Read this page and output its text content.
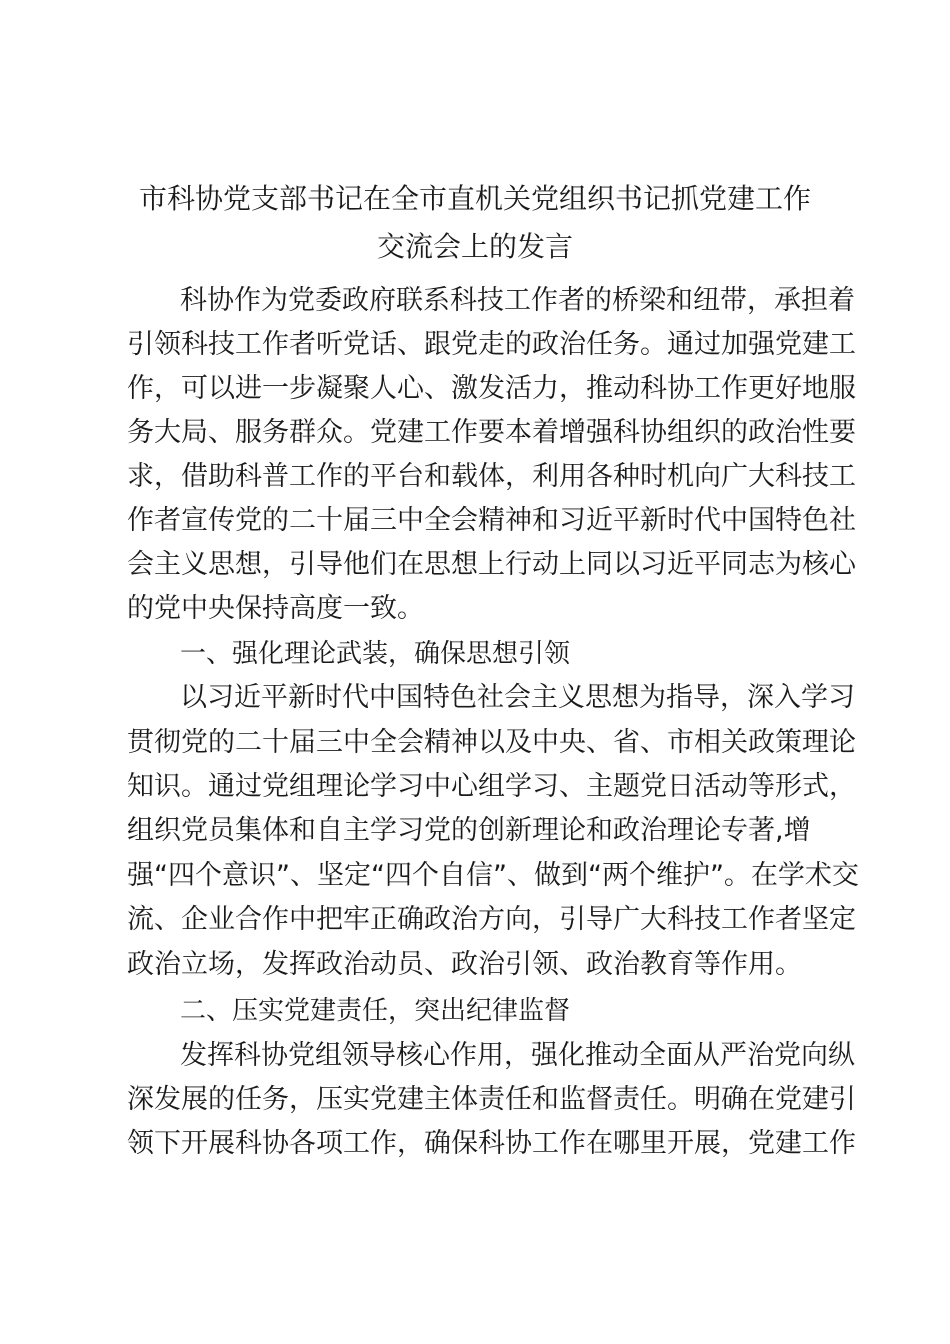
市科协党支部书记在全市直机关党组织书记抓党建工作
交流会上的发言
科协作为党委政府联系科技工作者的桥梁和纽带，承担着
引领科技工作者听党话、跟党走的政治任务。通过加强党建工
作，可以进一步凝聚人心、激发活力，推动科协工作更好地服
务大局、服务群众。党建工作要本着增强科协组织的政治性要
求，借助科普工作的平台和载体，利用各种时机向广大科技工
作者宣传党的二十届三中全会精神和习近平新时代中国特色社
会主义思想，引导他们在思想上行动上同以习近平同志为核心
的党中央保持高度一致。
一、强化理论武装，确保思想引领
以习近平新时代中国特色社会主义思想为指导，深入学习
贯彻党的二十届三中全会精神以及中央、省、市相关政策理论
知识。通过党组理论学习中心组学习、主题党日活动等形式，
组织党员集体和自主学习党的创新理论和政治理论专著,增
强“四个意识”、坚定“四个自信”、做到“两个维护”。在学术交
流、企业合作中把牢正确政治方向，引导广大科技工作者坚定
政治立场，发挥政治动员、政治引领、政治教育等作用。
二、压实党建责任，突出纪律监督
发挥科协党组领导核心作用，强化推动全面从严治党向纵
深发展的任务，压实党建主体责任和监督责任。明确在党建引
领下开展科协各项工作，确保科协工作在哪里开展，党建工作
